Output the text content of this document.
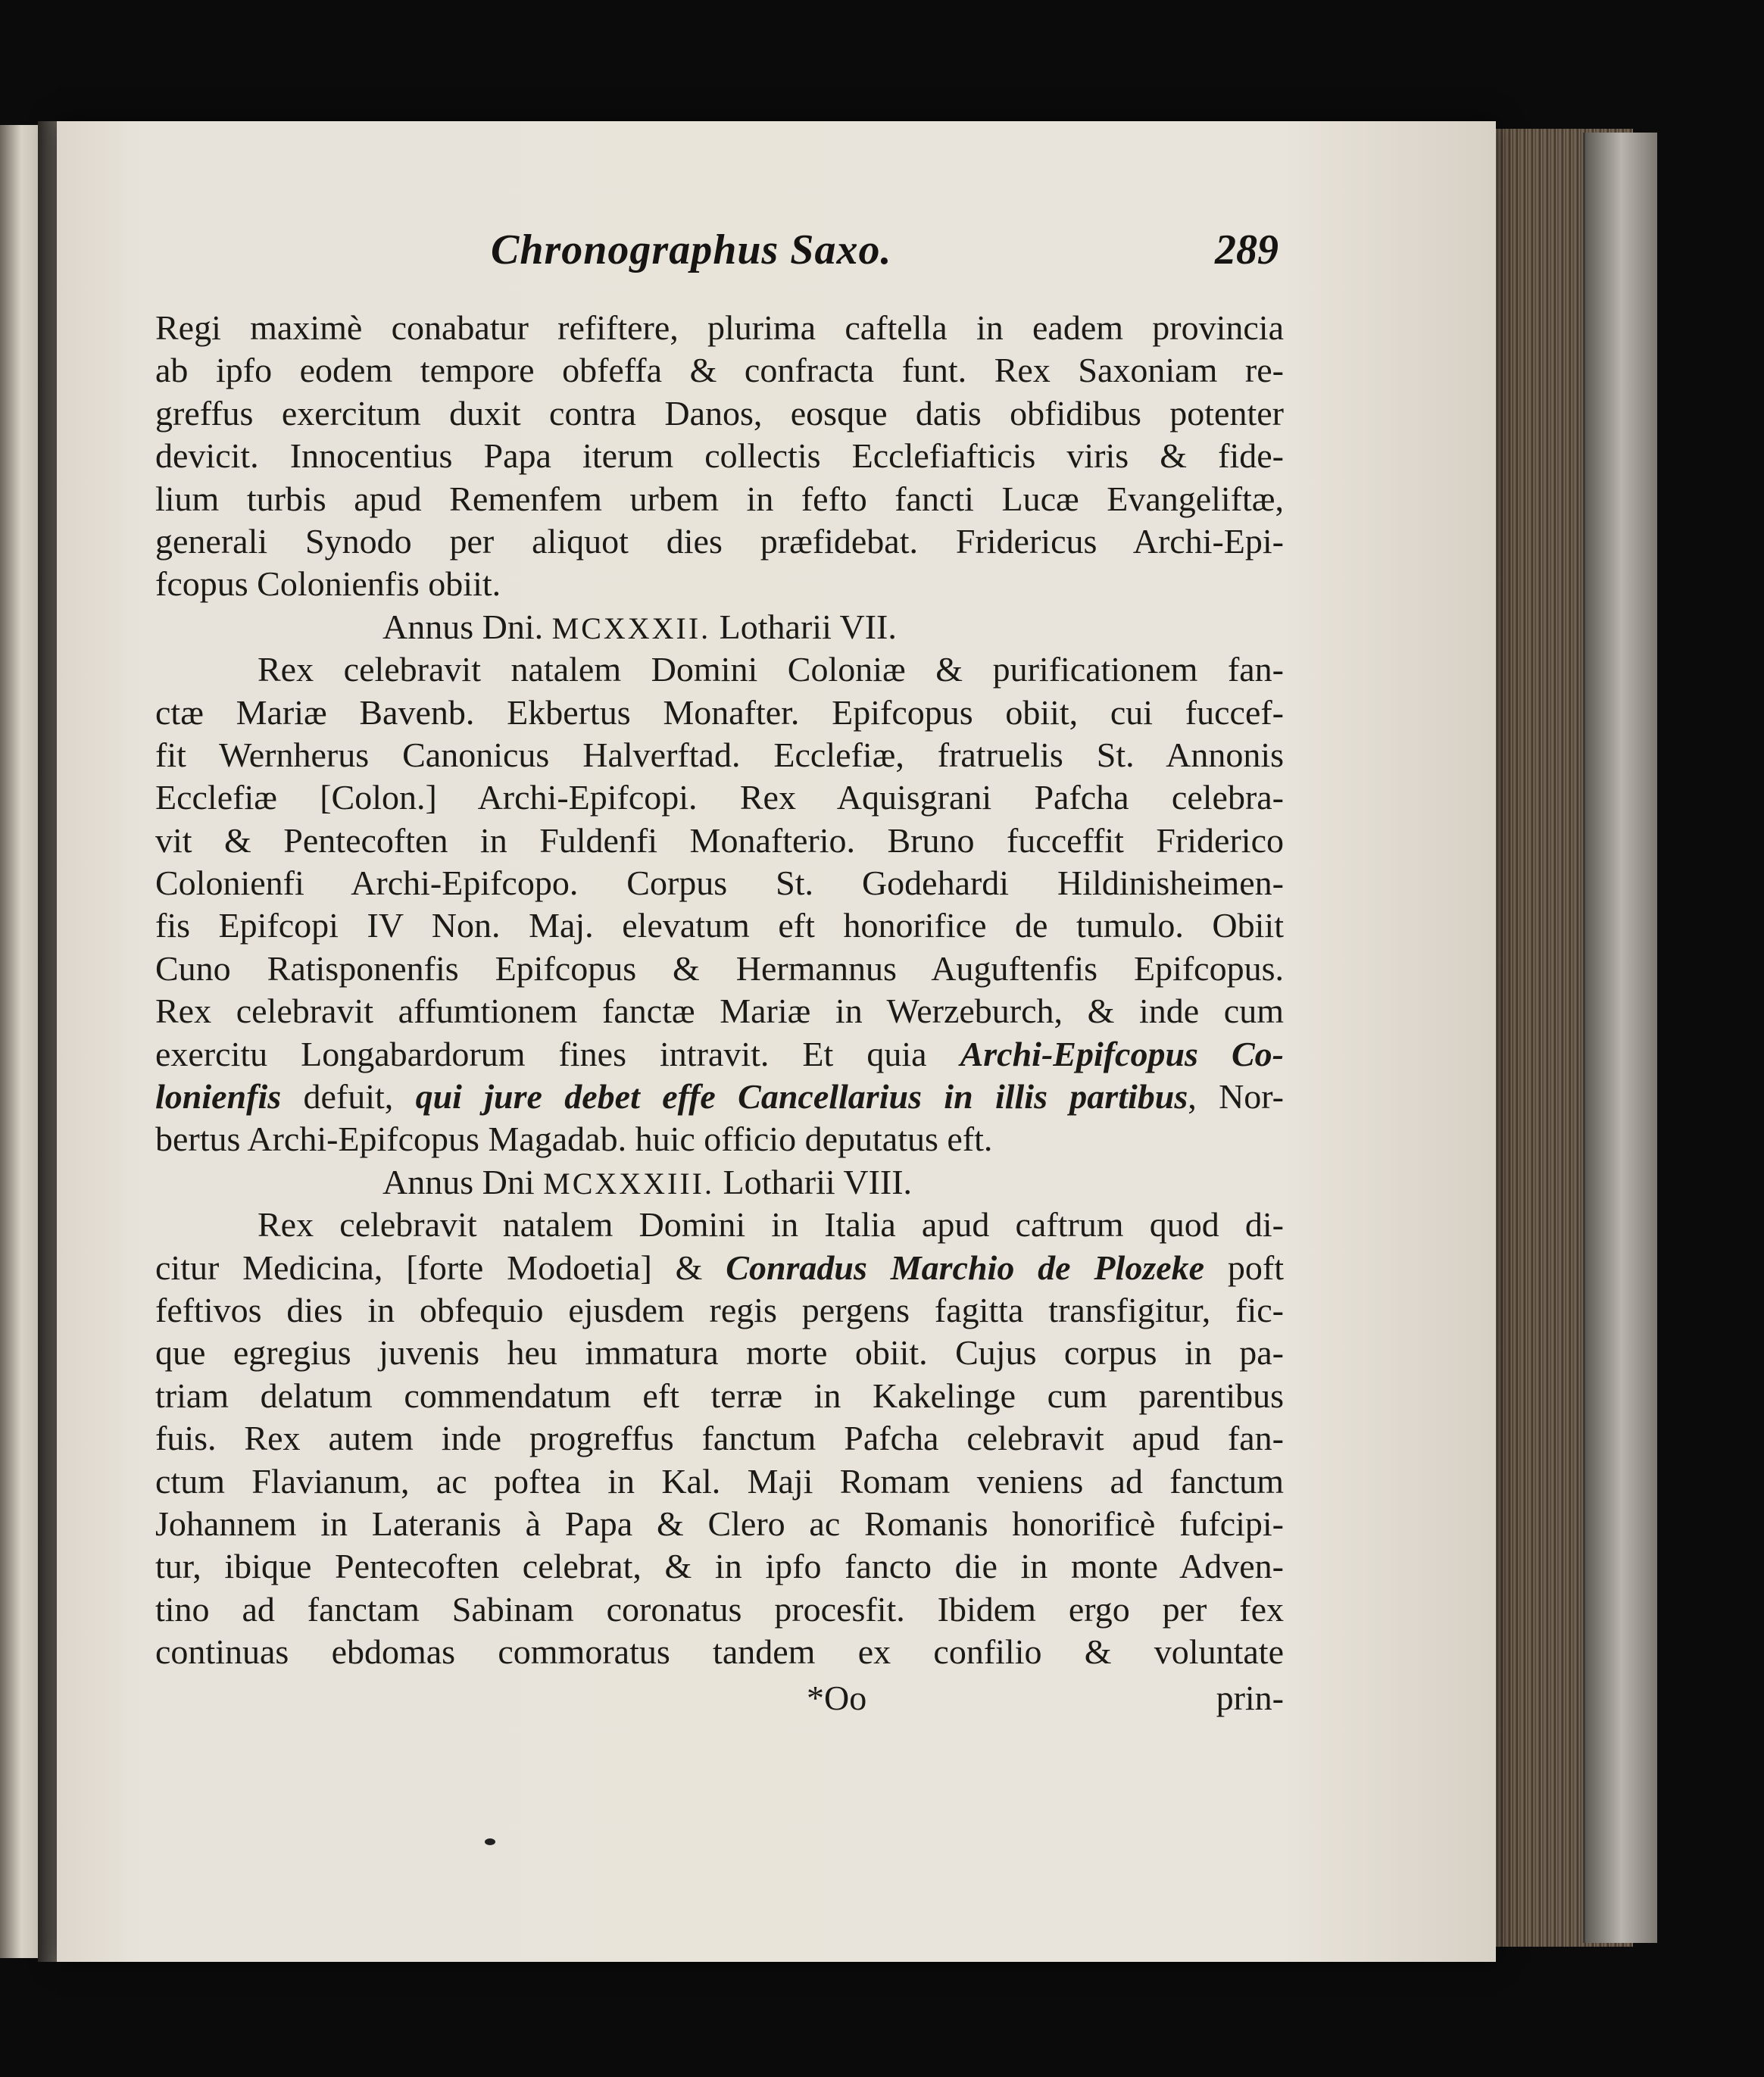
Chronographus Saxo.	289
Regi maximè conabatur refiftere, plurima caftella in eadem provincia
ab ipfo eodem tempore obfeffa & confracta funt. Rex Saxoniam re-
greffus exercitum duxit contra Danos, eosque datis obfidibus potenter
devicit. Innocentius Papa iterum collectis Ecclefiafticis viris & fide-
lium turbis apud Remenfem urbem in fefto fancti Lucæ Evangeliftæ,
generali Synodo per aliquot dies præfidebat. Fridericus Archi-Epi-
fcopus Colonienfis obiit.
Annus Dni. MCXXXII. Lotharii VII.
Rex celebravit natalem Domini Coloniæ & purificationem fan-
ctæ Mariæ Bavenb. Ekbertus Monafter. Epifcopus obiit, cui fuccef-
fit Wernherus Canonicus Halverftad. Ecclefiæ, fratruelis St. Annonis
Ecclefiæ [Colon.] Archi-Epifcopi. Rex Aquisgrani Pafcha celebra-
vit & Pentecoften in Fuldenfi Monafterio. Bruno fucceffit Friderico
Colonienfi Archi-Epifcopo. Corpus St. Godehardi Hildinisheimen-
fis Epifcopi IV Non. Maj. elevatum eft honorifice de tumulo. Obiit
Cuno Ratisponenfis Epifcopus & Hermannus Auguftenfis Epifcopus.
Rex celebravit affumtionem fanctæ Mariæ in Werzeburch, & inde cum
exercitu Longabardorum fines intravit. Et quia Archi-Epifcopus Co-
lonienfis defuit, qui jure debet effe Cancellarius in illis partibus, Nor-
bertus Archi-Epifcopus Magadab. huic officio deputatus eft.
Annus Dni MCXXXIII. Lotharii VIII.
Rex celebravit natalem Domini in Italia apud caftrum quod di-
citur Medicina, [forte Modoetia] & Conradus Marchio de Plozeke poft
feftivos dies in obfequio ejusdem regis pergens fagitta transfigitur, fic-
que egregius juvenis heu immatura morte obiit. Cujus corpus in pa-
triam delatum commendatum eft terræ in Kakelinge cum parentibus
fuis. Rex autem inde progreffus fanctum Pafcha celebravit apud fan-
ctum Flavianum, ac poftea in Kal. Maji Romam veniens ad fanctum
Johannem in Lateranis à Papa & Clero ac Romanis honorificè fufcipi-
tur, ibique Pentecoften celebrat, & in ipfo fancto die in monte Adven-
tino ad fanctam Sabinam coronatus procesfit. Ibidem ergo per fex
continuas ebdomas commoratus tandem ex confilio & voluntate
*Oo	prin-
